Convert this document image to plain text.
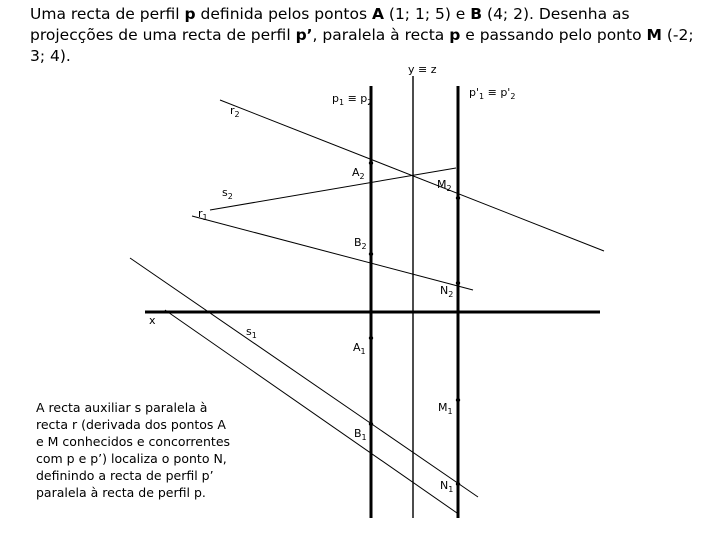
Uma recta de perfil p definida pelos pontos A (1; 1; 5) e B (4; 2). Desenha as projecções de uma recta de perfil p’, paralela à recta p e passando pelo ponto M (-2; 3; 4).

y ≡ z
x
$p_1 \equiv p_2$
$p'_1 \equiv p'_2$
$r_2$
$s_2$
$r_1$
$s_1$
$A_2$
$B_2$
$M_2$
$N_2$
$A_1$
$B_1$
$M_1$
$N_1$

A recta auxiliar s paralela à recta r (derivada dos pontos A e M conhecidos e concorrentes com p e p’) localiza o ponto N, definindo a recta de perfil p’ paralela à recta de perfil p.
